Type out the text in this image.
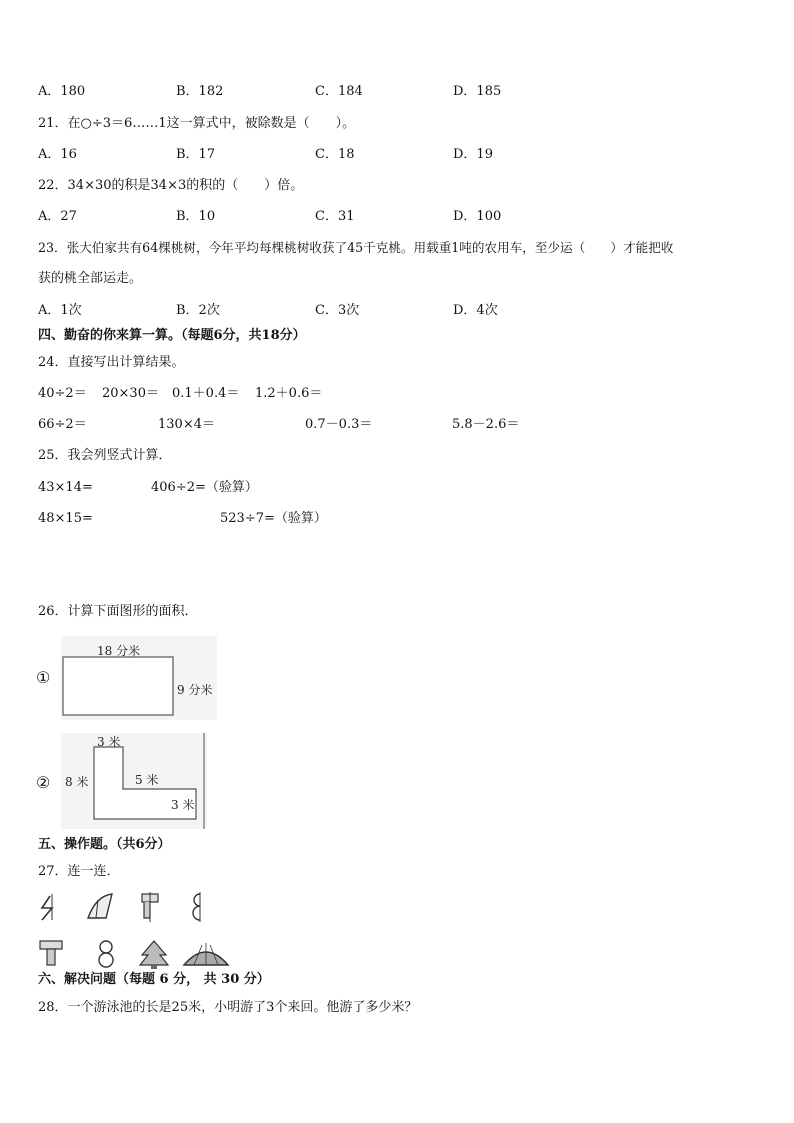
A．180	B．182	C．184	D．185
21．在○÷3＝6……1这一算式中，被除数是（　　）。
A．16	B．17	C．18	D．19
22．34×30的积是34×3的积的（　　）倍。
A．27	B．10	C．31	D．100
23．张大伯家共有64棵桃树，今年平均每棵桃树收获了45千克桃。用载重1吨的农用车，至少运（　　）才能把收
获的桃全部运走。
A．1次	B．2次	C．3次	D．4次
四、勤奋的你来算一算。（每题6分，共18分）
24．直接写出计算结果。
40÷2＝ 20×30＝ 0.1＋0.4＝ 1.2＋0.6＝
66÷2＝	130×4＝	0.7－0.3＝	5.8－2.6＝
25．我会列竖式计算．
43×14=	406÷2=（验算）
48×15=	523÷7=（验算）
26．计算下面图形的面积．
①
18 分米
9 分米
②
3 米
8 米	5 米
3 米
五、操作题。（共6分）
27．连一连．
六、解决问题（每题 6 分， 共 30 分）
28．一个游泳池的长是25米，小明游了3个来回。他游了多少米？
